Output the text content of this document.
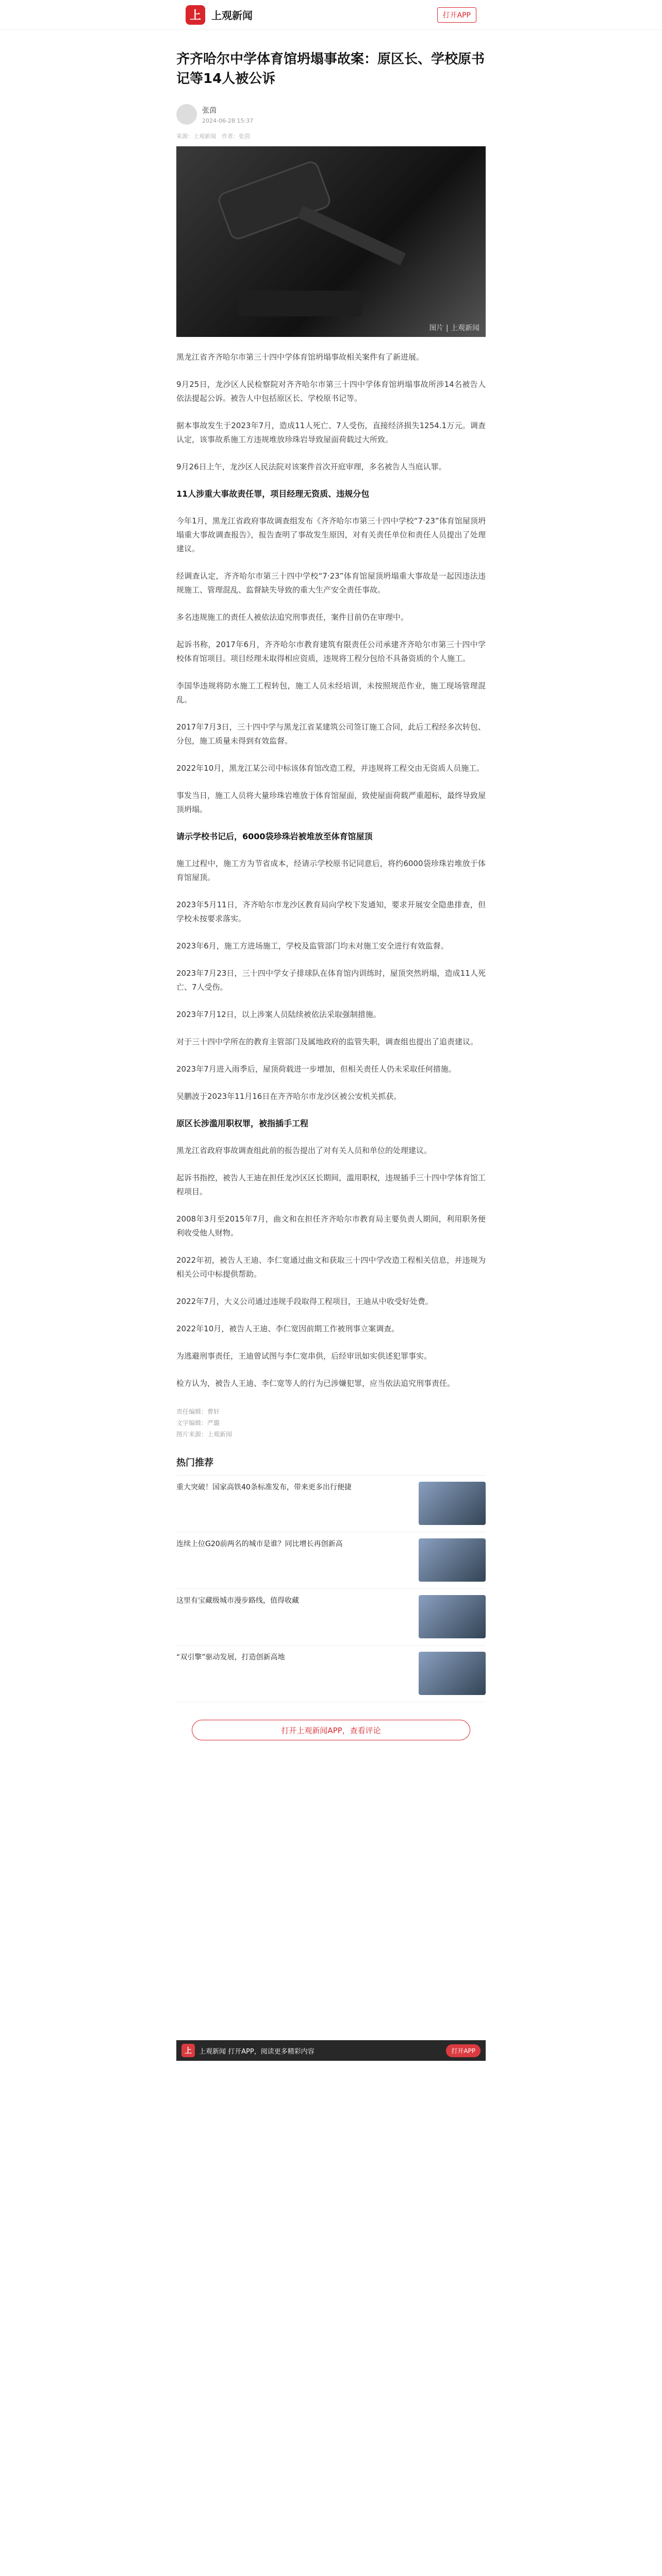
上	上观新闻	打开APP
齐齐哈尔中学体育馆坍塌事故案：原区长、学校原书记等14人被公诉
张茵
2024-06-28 15:37
来源：上观新闻　作者：张茵
图片 | 上观新闻

黑龙江省齐齐哈尔市第三十四中学体育馆坍塌事故相关案件有了新进展。

9月25日，龙沙区人民检察院对齐齐哈尔市第三十四中学体育馆坍塌事故所涉14名被告人依法提起公诉。被告人中包括原区长、学校原书记等。

据本事故发生于2023年7月，造成11人死亡、7人受伤，直接经济损失1254.1万元。调查认定，该事故系施工方违规堆放珍珠岩导致屋面荷载过大所致。

9月26日上午，龙沙区人民法院对该案件首次开庭审理，多名被告人当庭认罪。

11人涉重大事故责任罪，项目经理无资质、违规分包

今年1月，黑龙江省政府事故调查组发布《齐齐哈尔市第三十四中学校“7·23”体育馆屋顶坍塌重大事故调查报告》，报告查明了事故发生原因，对有关责任单位和责任人员提出了处理建议。

经调查认定，齐齐哈尔市第三十四中学校“7·23”体育馆屋顶坍塌重大事故是一起因违法违规施工、管理混乱、监督缺失导致的重大生产安全责任事故。

多名违规施工的责任人被依法追究刑事责任，案件目前仍在审理中。

起诉书称，2017年6月，齐齐哈尔市教育建筑有限责任公司承建齐齐哈尔市第三十四中学校体育馆项目。项目经理未取得相应资质，违规将工程分包给不具备资质的个人施工。

李国华违规将防水施工工程转包，施工人员未经培训，未按照规范作业，施工现场管理混乱。

2017年7月3日，三十四中学与黑龙江省某建筑公司签订施工合同，此后工程经多次转包、分包，施工质量未得到有效监督。

2022年10月，黑龙江某公司中标该体育馆改造工程，并违规将工程交由无资质人员施工。

事发当日，施工人员将大量珍珠岩堆放于体育馆屋面，致使屋面荷载严重超标，最终导致屋顶坍塌。

请示学校书记后，6000袋珍珠岩被堆放至体育馆屋顶

施工过程中，施工方为节省成本，经请示学校原书记同意后，将约6000袋珍珠岩堆放于体育馆屋顶。

2023年5月11日，齐齐哈尔市龙沙区教育局向学校下发通知，要求开展安全隐患排查，但学校未按要求落实。

2023年6月，施工方进场施工，学校及监管部门均未对施工安全进行有效监督。

2023年7月23日，三十四中学女子排球队在体育馆内训练时，屋顶突然坍塌，造成11人死亡、7人受伤。

2023年7月12日，以上涉案人员陆续被依法采取强制措施。

对于三十四中学所在的教育主管部门及属地政府的监管失职，调查组也提出了追责建议。

2023年7月进入雨季后，屋顶荷载进一步增加，但相关责任人仍未采取任何措施。

吴鹏波于2023年11月16日在齐齐哈尔市龙沙区被公安机关抓获。

原区长涉滥用职权罪，被指插手工程

黑龙江省政府事故调查组此前的报告提出了对有关人员和单位的处理建议。

起诉书指控，被告人王迪在担任龙沙区区长期间，滥用职权，违规插手三十四中学体育馆工程项目。

2008年3月至2015年7月，曲文和在担任齐齐哈尔市教育局主要负责人期间，利用职务便利收受他人财物。

2022年初，被告人王迪、李仁宽通过曲文和获取三十四中学改造工程相关信息，并违规为相关公司中标提供帮助。

2022年7月，大义公司通过违规手段取得工程项目，王迪从中收受好处费。

2022年10月，被告人王迪、李仁宽因前期工作被刑事立案调查。

为逃避刑事责任，王迪曾试图与李仁宽串供，后经审讯如实供述犯罪事实。

检方认为，被告人王迪、李仁宽等人的行为已涉嫌犯罪，应当依法追究刑事责任。

责任编辑：曹轩
文字编辑：严璐
图片来源：上观新闻
热门推荐
重大突破！国家高铁40条标准发布，带来更多出行便捷
连续上位G20前两名的城市是谁？同比增长再创新高
这里有宝藏级城市漫步路线，值得收藏
“双引擎”驱动发展，打造创新高地
打开上观新闻APP，查看评论
上	上观新闻 打开APP，阅读更多精彩内容	打开APP
